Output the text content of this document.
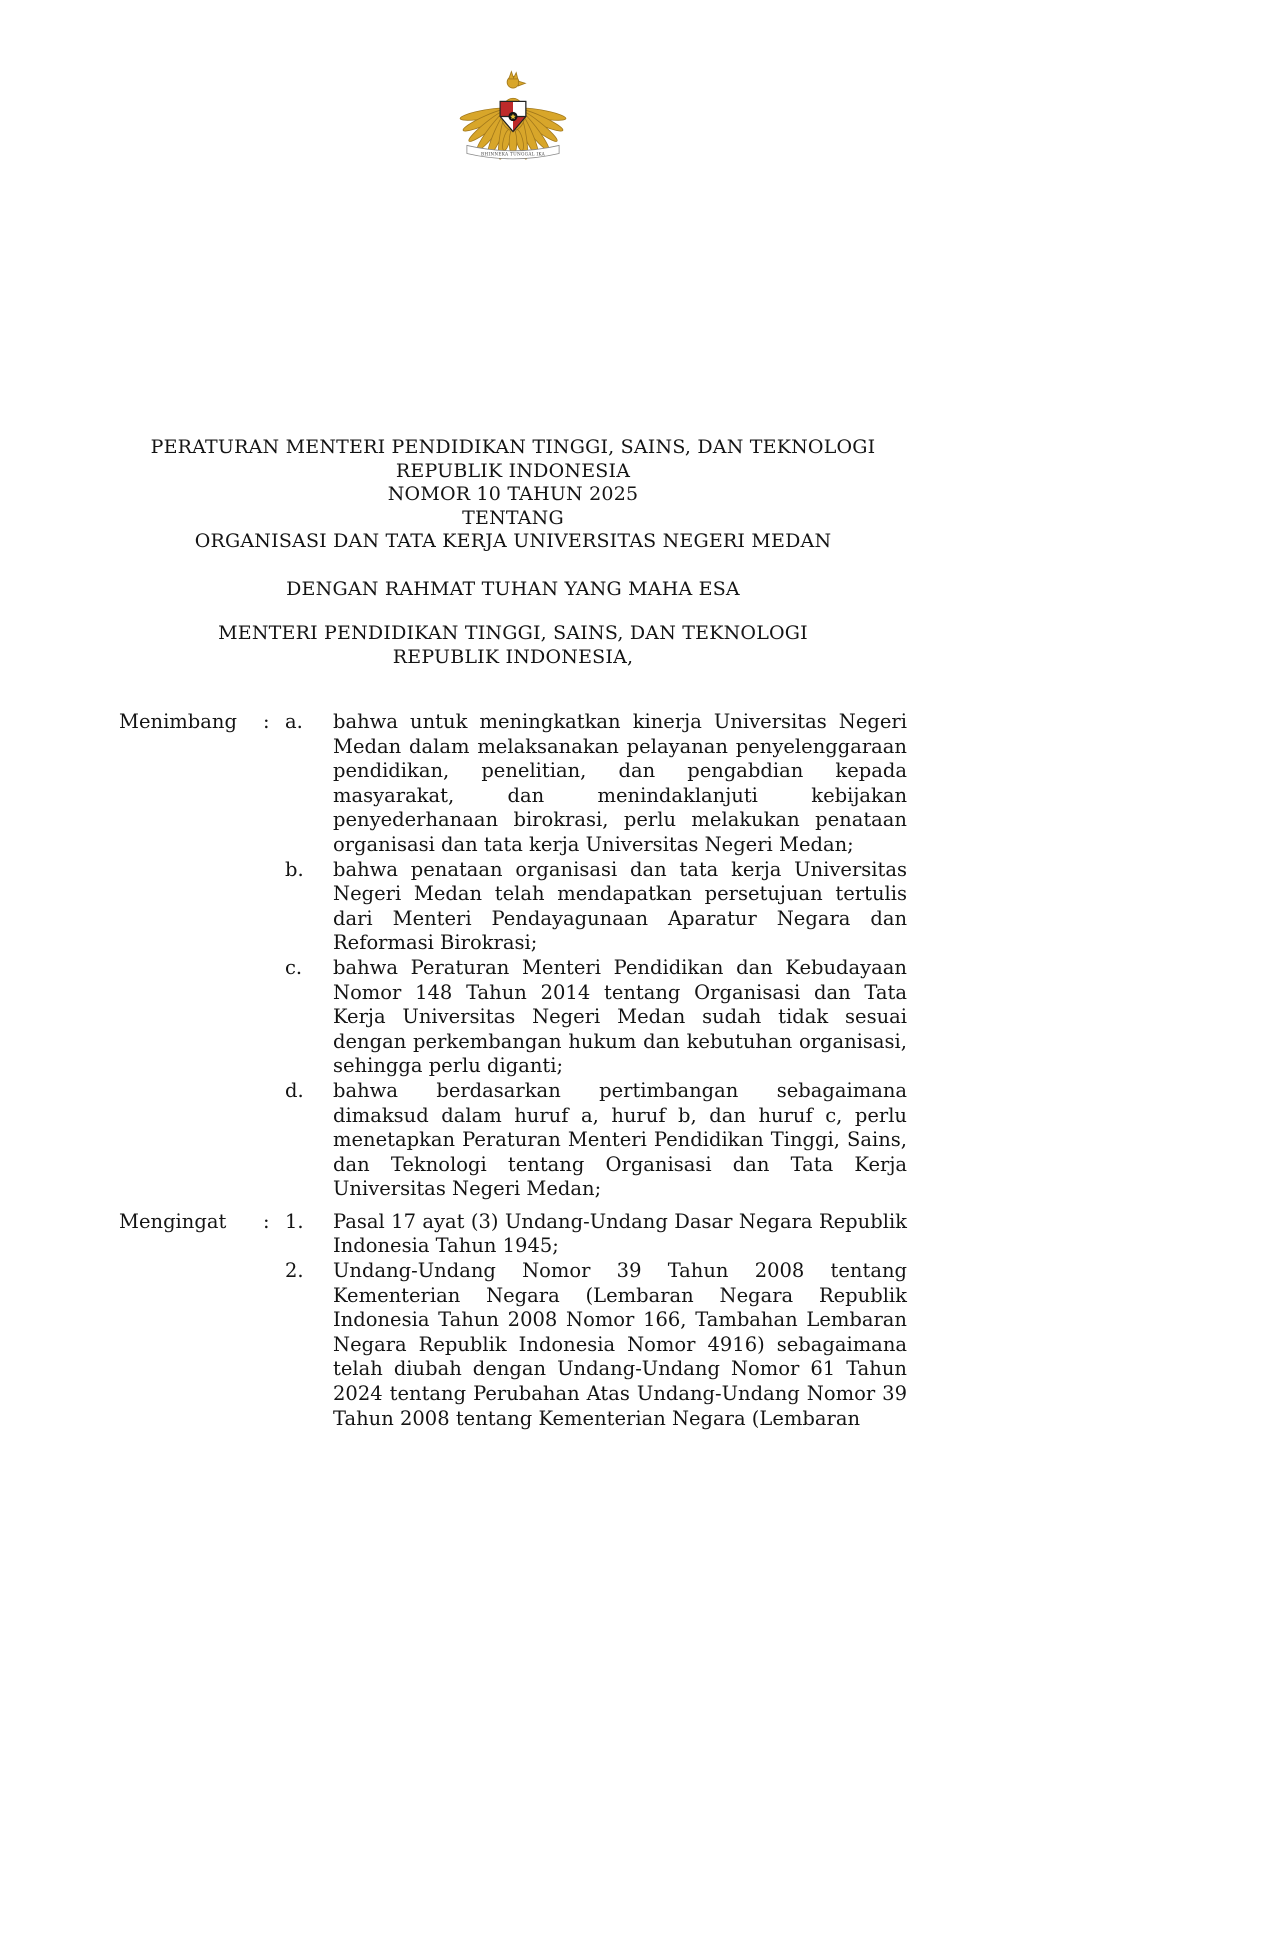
BHINNEKA TUNGGAL IKA
PERATURAN MENTERI PENDIDIKAN TINGGI, SAINS, DAN TEKNOLOGI
REPUBLIK INDONESIA
NOMOR 10 TAHUN 2025
TENTANG
ORGANISASI DAN TATA KERJA UNIVERSITAS NEGERI MEDAN
DENGAN RAHMAT TUHAN YANG MAHA ESA
MENTERI PENDIDIKAN TINGGI, SAINS, DAN TEKNOLOGI
REPUBLIK INDONESIA,
Menimbang	: a.	bahwa untuk meningkatkan kinerja Universitas Negeri Medan dalam melaksanakan pelayanan penyelenggaraan pendidikan, penelitian, dan pengabdian kepada masyarakat, dan menindaklanjuti kebijakan penyederhanaan birokrasi, perlu melakukan penataan organisasi dan tata kerja Universitas Negeri Medan;
b.	bahwa penataan organisasi dan tata kerja Universitas Negeri Medan telah mendapatkan persetujuan tertulis dari Menteri Pendayagunaan Aparatur Negara dan Reformasi Birokrasi;
c.	bahwa Peraturan Menteri Pendidikan dan Kebudayaan Nomor 148 Tahun 2014 tentang Organisasi dan Tata Kerja Universitas Negeri Medan sudah tidak sesuai dengan perkembangan hukum dan kebutuhan organisasi, sehingga perlu diganti;
d.	bahwa berdasarkan pertimbangan sebagaimana dimaksud dalam huruf a, huruf b, dan huruf c, perlu menetapkan Peraturan Menteri Pendidikan Tinggi, Sains, dan Teknologi tentang Organisasi dan Tata Kerja Universitas Negeri Medan;
Mengingat	: 1.	Pasal 17 ayat (3) Undang-Undang Dasar Negara Republik Indonesia Tahun 1945;
2.	Undang-Undang Nomor 39 Tahun 2008 tentang Kementerian Negara (Lembaran Negara Republik Indonesia Tahun 2008 Nomor 166, Tambahan Lembaran Negara Republik Indonesia Nomor 4916) sebagaimana telah diubah dengan Undang-Undang Nomor 61 Tahun 2024 tentang Perubahan Atas Undang-Undang Nomor 39 Tahun 2008 tentang Kementerian Negara (Lembaran
